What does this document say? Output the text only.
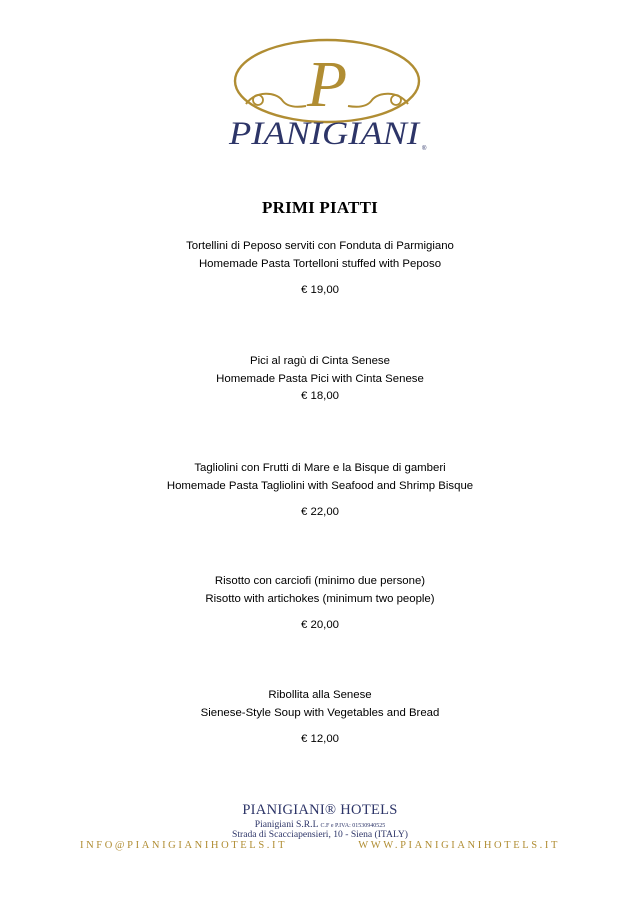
P
PIANIGIANI ®
PRIMI PIATTI
Tortellini di Peposo serviti con Fonduta di Parmigiano
Homemade Pasta Tortelloni stuffed with Peposo
€ 19,00
Pici al ragù di Cinta Senese
Homemade Pasta Pici with Cinta Senese
€ 18,00
Tagliolini con Frutti di Mare e la Bisque di gamberi
Homemade Pasta Tagliolini with Seafood and Shrimp Bisque
€ 22,00
Risotto con carciofi (minimo due persone)
Risotto with artichokes (minimum two people)
€ 20,00
Ribollita alla Senese
Sienese-Style Soup with Vegetables and Bread
€ 12,00
PIANIGIANI® HOTELS
Pianigiani S.R.L C.F e P.IVA: 01530940525
Strada di Scacciapensieri, 10 - Siena (ITALY)
INFO@PIANIGIANIHOTELS.IT	WWW.PIANIGIANIHOTELS.IT
